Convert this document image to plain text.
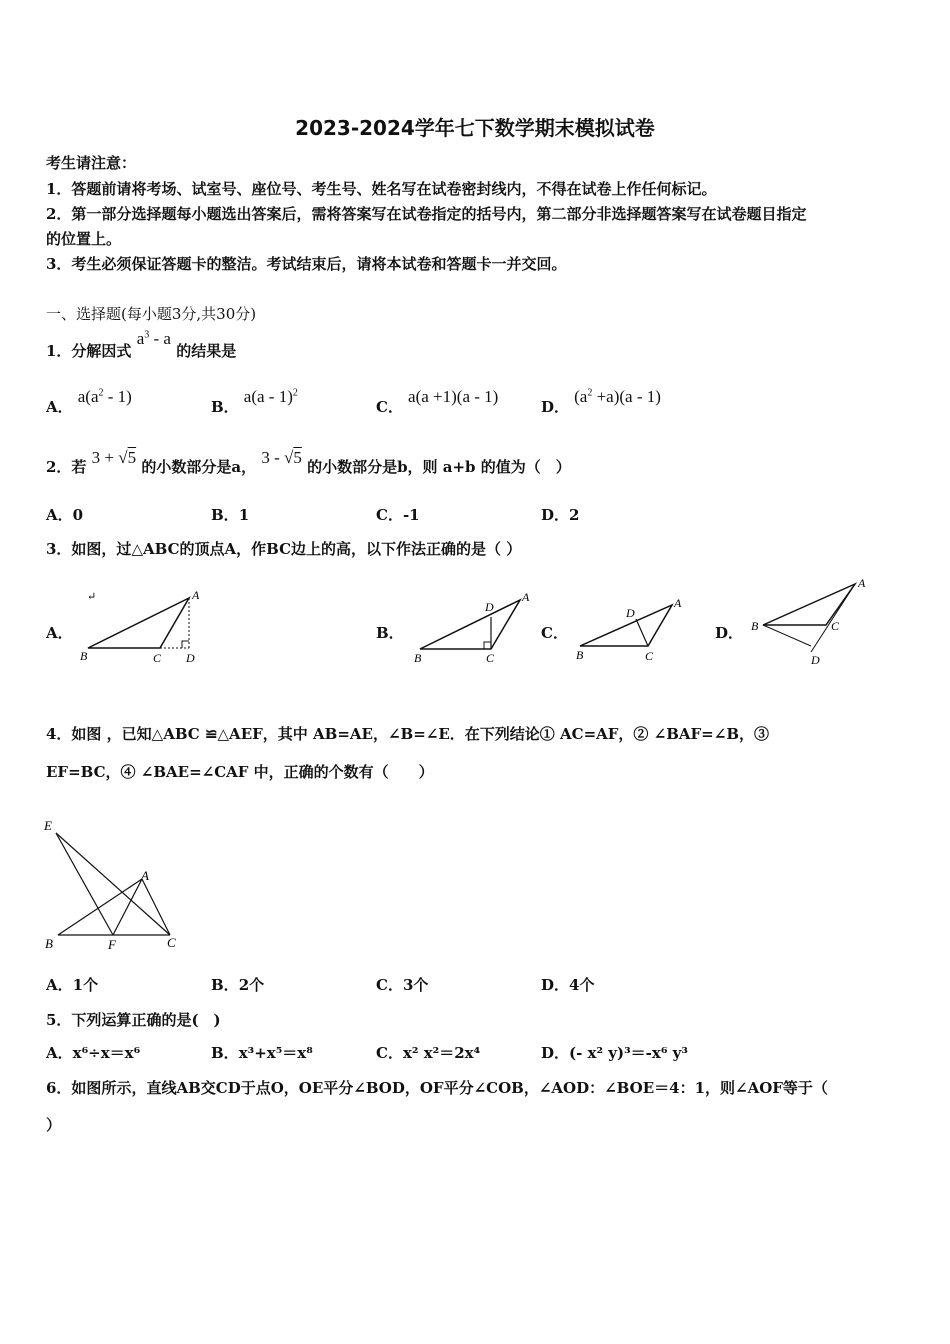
2023-2024学年七下数学期末模拟试卷
考生请注意：
1．答题前请将考场、试室号、座位号、考生号、姓名写在试卷密封线内，不得在试卷上作任何标记。
2．第一部分选择题每小题选出答案后，需将答案写在试卷指定的括号内，第二部分非选择题答案写在试卷题目指定
的位置上。
3．考生必须保证答题卡的整洁。考试结束后，请将本试卷和答题卡一并交回。
一、选择题(每小题3分,共30分)
1．分解因式 $a^3$ - a 的结果是
A． $a(a^2 - 1)$
B． a(a - 1)$^2$
C． a(a +1)(a - 1)
D． $(a^2 +a)(a - 1)$
2．若 3 + √5 的小数部分是a， 3 - √5 的小数部分是b，则 a+b 的值为（　）
A．0	B．1	C．-1	D．2
3．如图，过△ABC的顶点A，作BC边上的高，以下作法正确的是（ ）
A．
↵	A
B	C D
B．
A
D
B	C
C．
A
D
B	C
D．
A
B	C
D
4．如图 ，已知△ABC ≌△AEF，其中 AB=AE，∠B=∠E．在下列结论① AC=AF，② ∠BAF=∠B，③
EF=BC，④ ∠BAE=∠CAF 中，正确的个数有（　　）
E
A
B	F	C
A．1个	B．2个	C．3个	D．4个
5．下列运算正确的是(　)
A．x⁶÷x＝x⁶	B．x³+x⁵＝x⁸	C．x² x²＝2x⁴	D．(- x² y)³＝-x⁶ y³
6．如图所示，直线AB交CD于点O，OE平分∠BOD，OF平分∠COB，∠AOD：∠BOE＝4：1，则∠AOF等于（
）
